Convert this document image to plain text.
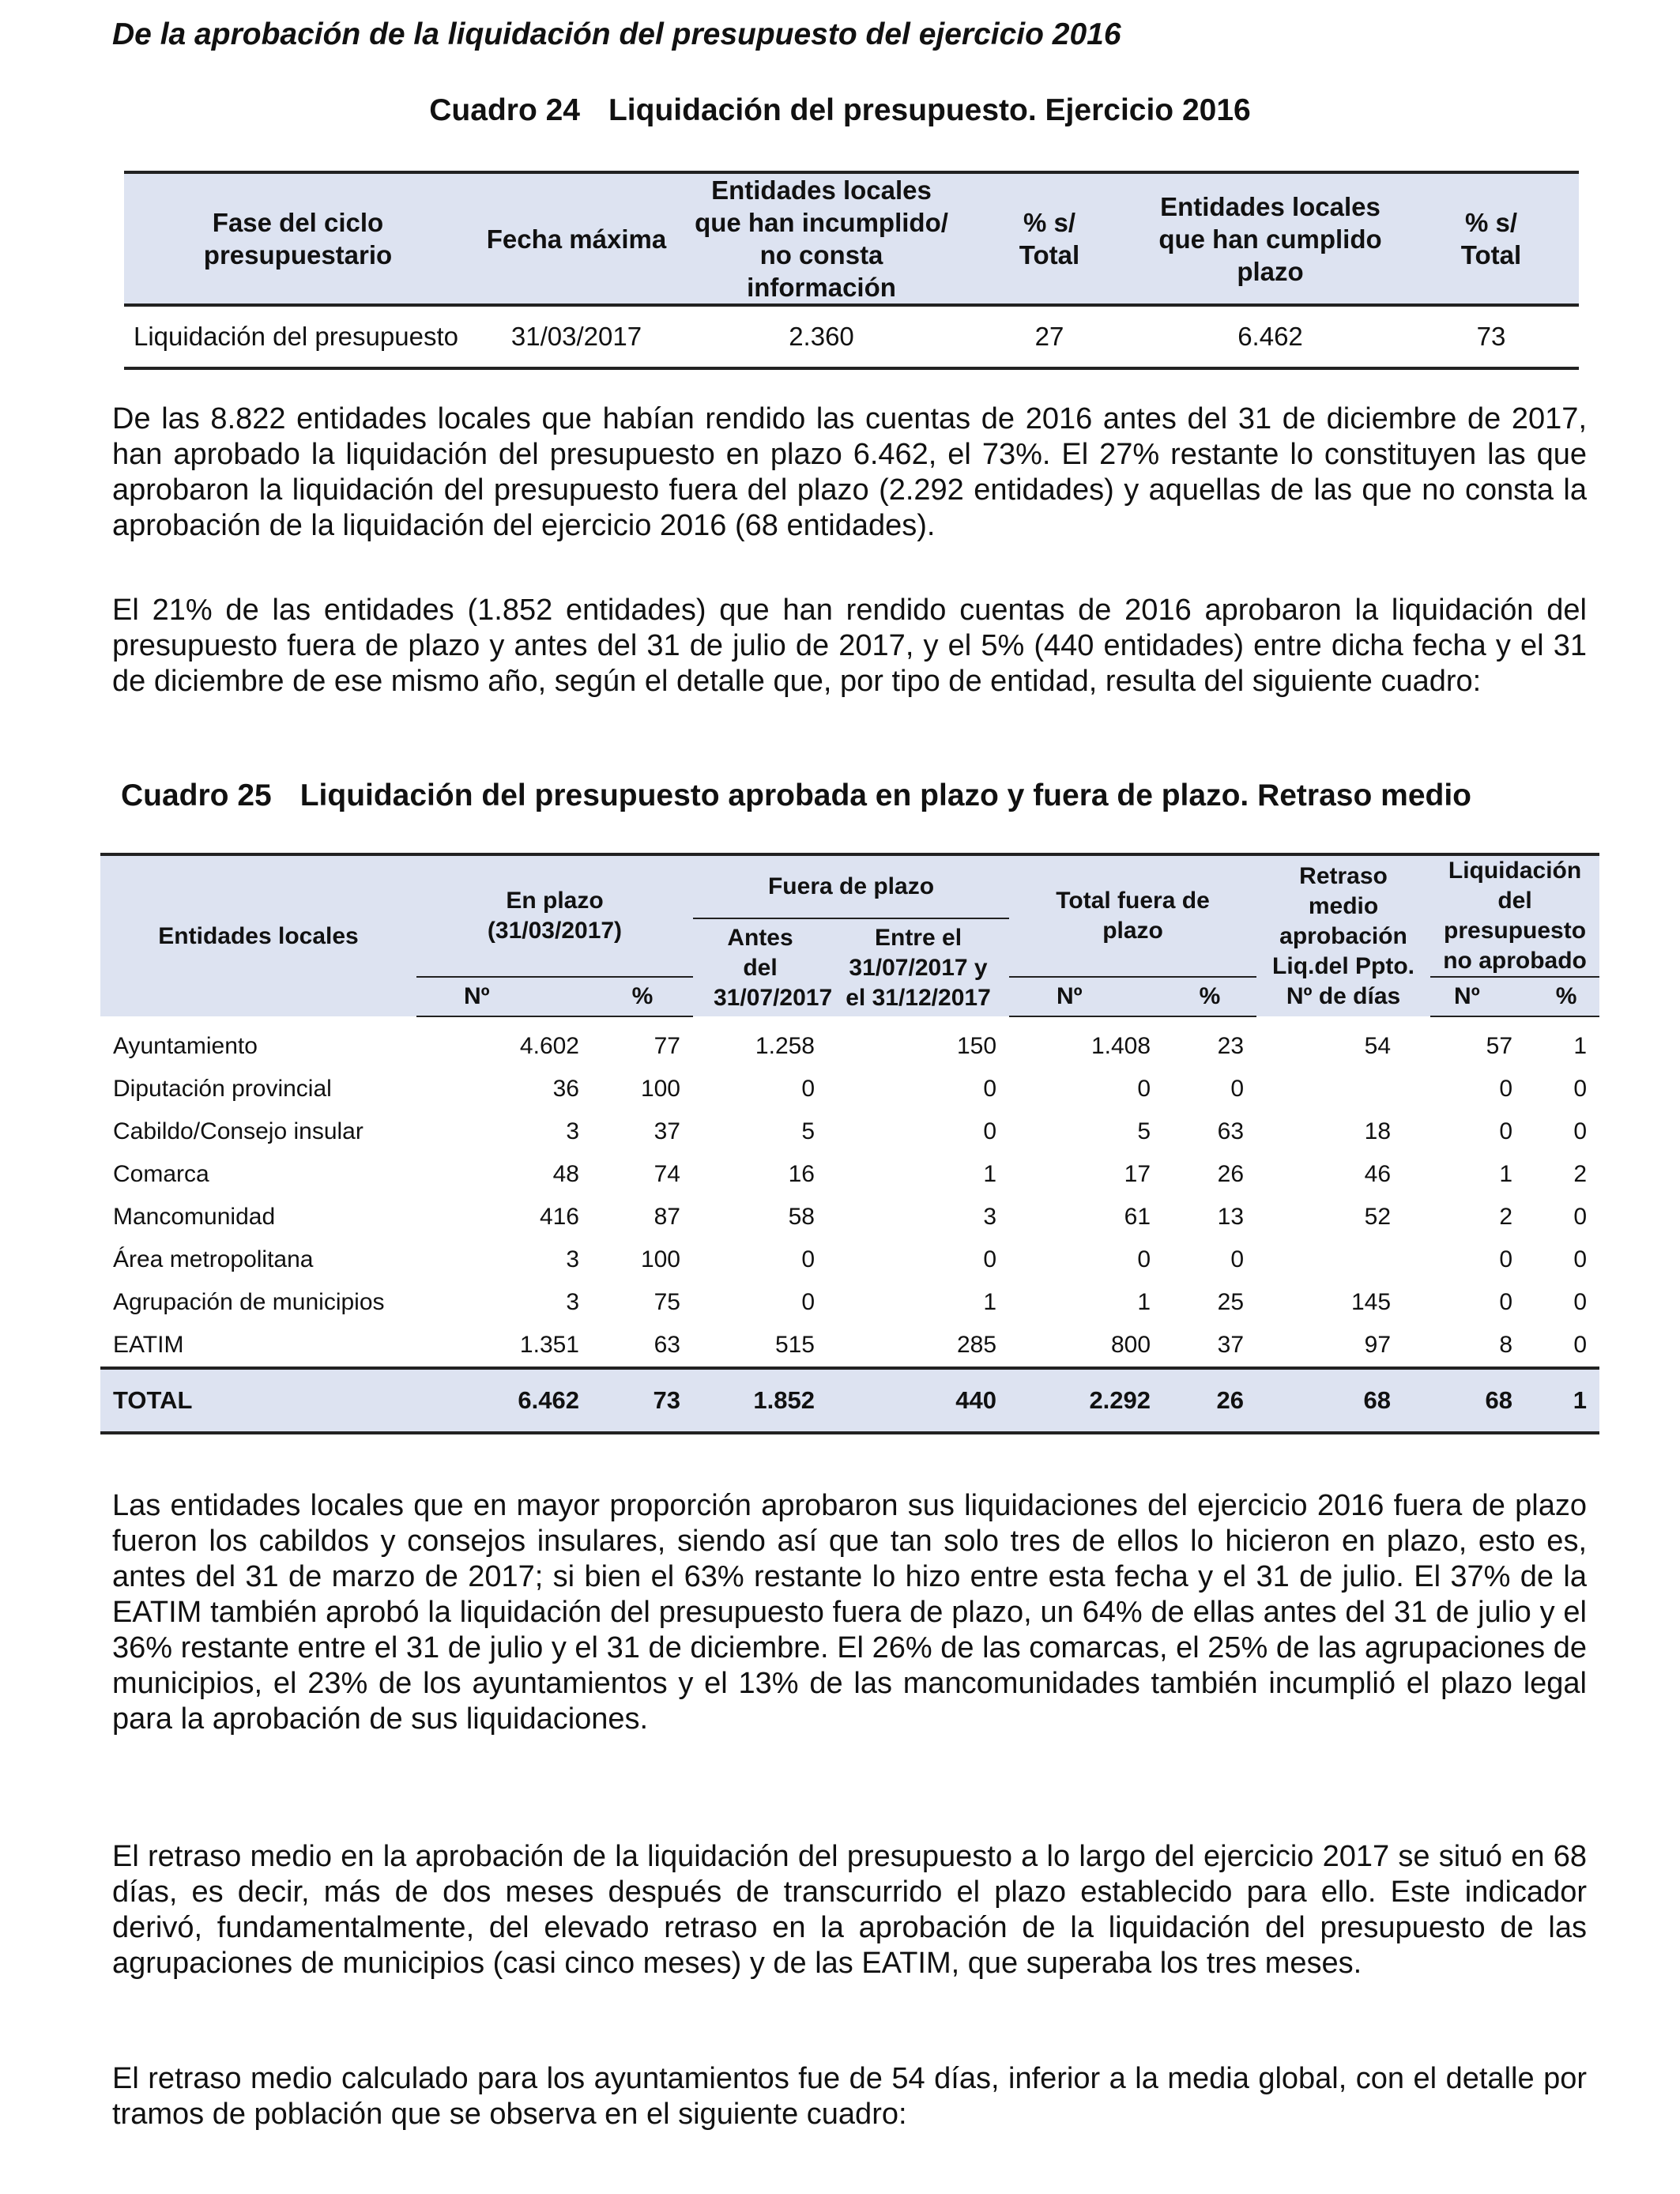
De la aprobación de la liquidación del presupuesto del ejercicio 2016
Cuadro 24 Liquidación del presupuesto. Ejercicio 2016
Fase del ciclo presupuestario	Fecha máxima	Entidades locales que han incumplido/ no consta información	% s/ Total	Entidades locales que han cumplido plazo	% s/ Total
Liquidación del presupuesto	31/03/2017	2.360	27	6.462	73

De las 8.822 entidades locales que habían rendido las cuentas de 2016 antes del 31 de diciembre de 2017, han aprobado la liquidación del presupuesto en plazo 6.462, el 73%. El 27% restante lo constituyen las que aprobaron la liquidación del presupuesto fuera del plazo (2.292 entidades) y aquellas de las que no consta la aprobación de la liquidación del ejercicio 2016 (68 entidades).

El 21% de las entidades (1.852 entidades) que han rendido cuentas de 2016 aprobaron la liquidación del presupuesto fuera de plazo y antes del 31 de julio de 2017, y el 5% (440 entidades) entre dicha fecha y el 31 de diciembre de ese mismo año, según el detalle que, por tipo de entidad, resulta del siguiente cuadro:

Cuadro 25 Liquidación del presupuesto aprobada en plazo y fuera de plazo. Retraso medio
Entidades locales	En plazo (31/03/2017)		Fuera de plazo		Total fuera de plazo		Retraso medio aprobación Liq.del Ppto. Nº de días	Liquidación del presupuesto no aprobado	
			Antes del 31/07/2017	Entre el 31/07/2017 y el 31/12/2017					
	Nº	%			Nº	%		Nº	%
Ayuntamiento	4.602	77	1.258	150	1.408	23	54	57	1
Diputación provincial	36	100	0	0	0	0		0	0
Cabildo/Consejo insular	3	37	5	0	5	63	18	0	0
Comarca	48	74	16	1	17	26	46	1	2
Mancomunidad	416	87	58	3	61	13	52	2	0
Área metropolitana	3	100	0	0	0	0		0	0
Agrupación de municipios	3	75	0	1	1	25	145	0	0
EATIM	1.351	63	515	285	800	37	97	8	0
TOTAL	6.462	73	1.852	440	2.292	26	68	68	1

Las entidades locales que en mayor proporción aprobaron sus liquidaciones del ejercicio 2016 fuera de plazo fueron los cabildos y consejos insulares, siendo así que tan solo tres de ellos lo hicieron en plazo, esto es, antes del 31 de marzo de 2017; si bien el 63% restante lo hizo entre esta fecha y el 31 de julio. El 37% de la EATIM también aprobó la liquidación del presupuesto fuera de plazo, un 64% de ellas antes del 31 de julio y el 36% restante entre el 31 de julio y el 31 de diciembre. El 26% de las comarcas, el 25% de las agrupaciones de municipios, el 23% de los ayuntamientos y el 13% de las mancomunidades también incumplió el plazo legal para la aprobación de sus liquidaciones.

El retraso medio en la aprobación de la liquidación del presupuesto a lo largo del ejercicio 2017 se situó en 68 días, es decir, más de dos meses después de transcurrido el plazo establecido para ello. Este indicador derivó, fundamentalmente, del elevado retraso en la aprobación de la liquidación del presupuesto de las agrupaciones de municipios (casi cinco meses) y de las EATIM, que superaba los tres meses.

El retraso medio calculado para los ayuntamientos fue de 54 días, inferior a la media global, con el detalle por tramos de población que se observa en el siguiente cuadro:
